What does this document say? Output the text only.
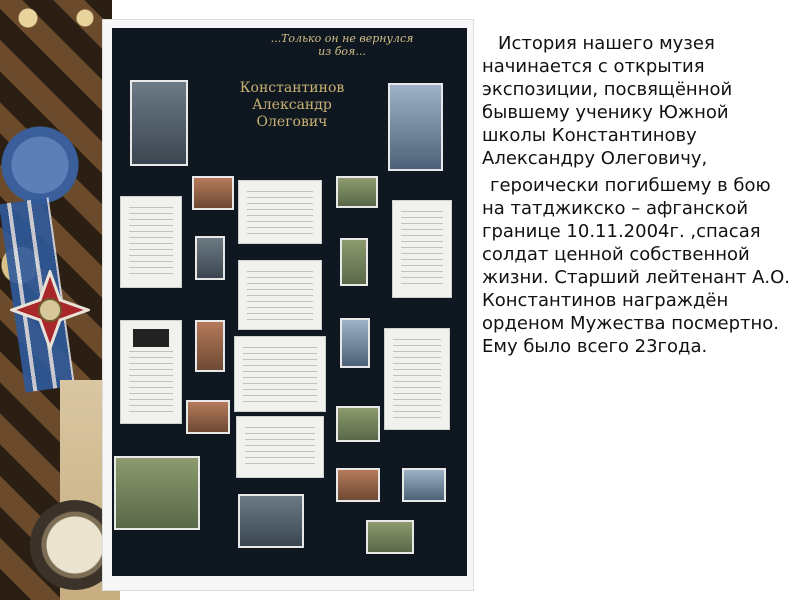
...Только он не вернулся
из боя...
Константинов
Александр
Олегович

История нашего музея начинается с открытия экспозиции, посвящённой бывшему ученику Южной школы Константинову Александру Олеговичу,

героически погибшему в бою на татджикско – афганской границе 10.11.2004г. ,спасая солдат ценной собственной жизни. Старший лейтенант А.О. Константинов награждён орденом Мужества посмертно. Ему было всего 23года.
